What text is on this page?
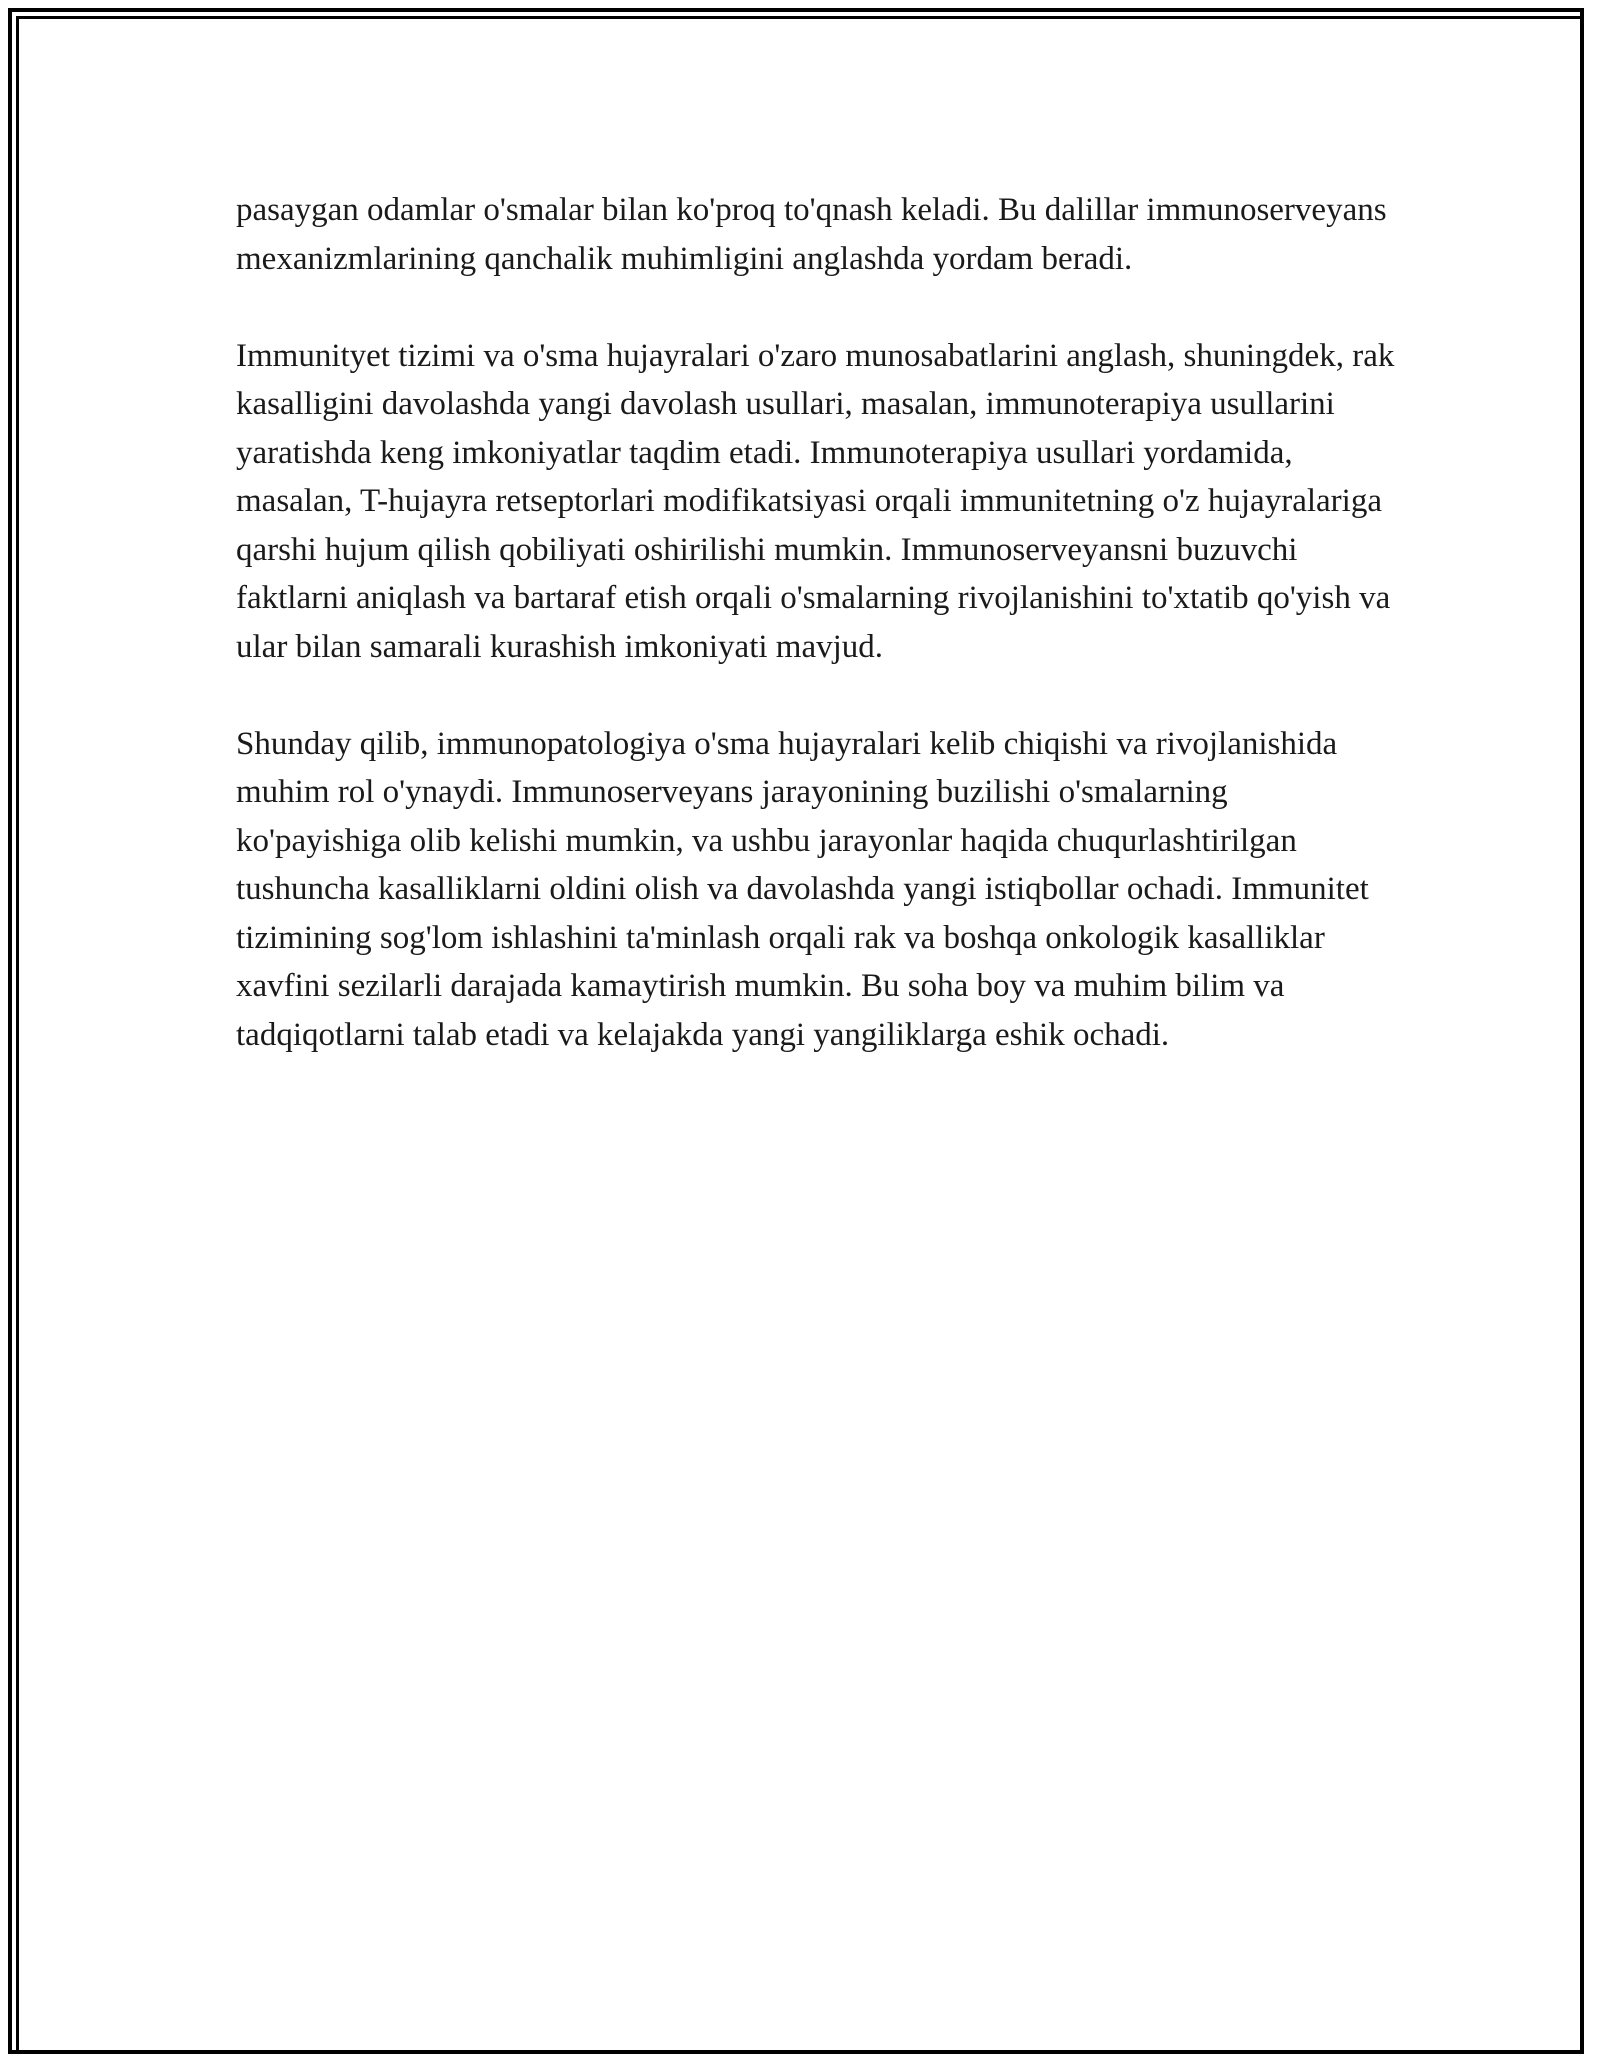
pasaygan odamlar o'smalar bilan ko'proq to'qnash keladi. Bu dalillar immunoserveyans mexanizmlarining qanchalik muhimligini anglashda yordam beradi.

Immunityet tizimi va o'sma hujayralari o'zaro munosabatlarini anglash, shuningdek, rak kasalligini davolashda yangi davolash usullari, masalan, immunoterapiya usullarini yaratishda keng imkoniyatlar taqdim etadi. Immunoterapiya usullari yordamida, masalan, T-hujayra retseptorlari modifikatsiyasi orqali immunitetning o'z hujayralariga qarshi hujum qilish qobiliyati oshirilishi mumkin. Immunoserveyansni buzuvchi faktlarni aniqlash va bartaraf etish orqali o'smalarning rivojlanishini to'xtatib qo'yish va ular bilan samarali kurashish imkoniyati mavjud.

Shunday qilib, immunopatologiya o'sma hujayralari kelib chiqishi va rivojlanishida muhim rol o'ynaydi. Immunoserveyans jarayonining buzilishi o'smalarning ko'payishiga olib kelishi mumkin, va ushbu jarayonlar haqida chuqurlashtirilgan tushuncha kasalliklarni oldini olish va davolashda yangi istiqbollar ochadi. Immunitet tizimining sog'lom ishlashini ta'minlash orqali rak va boshqa onkologik kasalliklar xavfini sezilarli darajada kamaytirish mumkin. Bu soha boy va muhim bilim va tadqiqotlarni talab etadi va kelajakda yangi yangiliklarga eshik ochadi.
